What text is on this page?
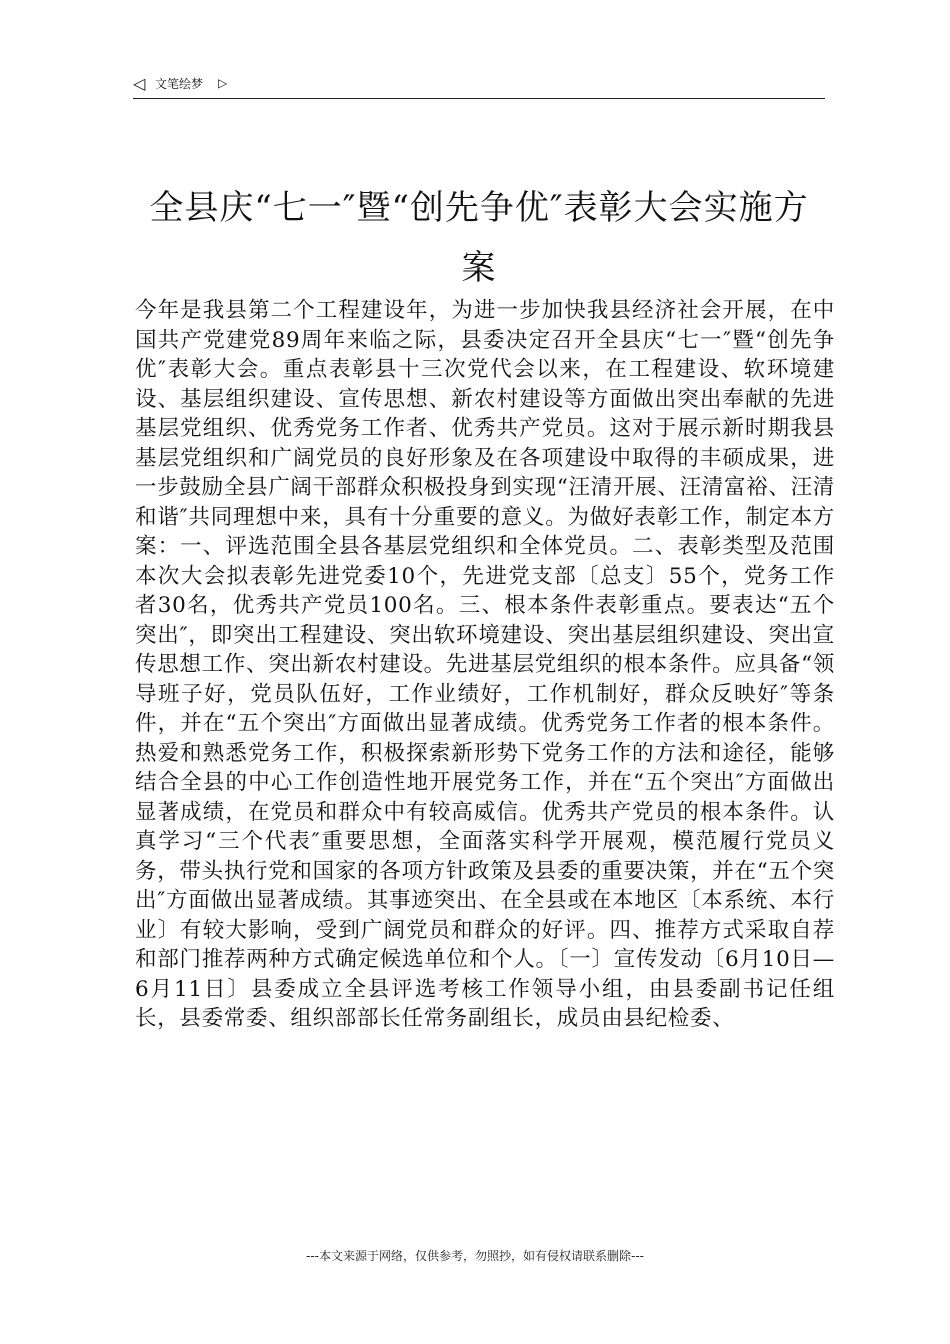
◁ 文笔绘梦 ▷
全县庆“七一″暨“创先争优″表彰大会实施方案

今年是我县第二个工程建设年，为进一步加快我县经济社会开展，在中国共产党建党89周年来临之际，县委决定召开全县庆“七一″暨“创先争优″表彰大会。重点表彰县十三次党代会以来，在工程建设、软环境建设、基层组织建设、宣传思想、新农村建设等方面做出突出奉献的先进基层党组织、优秀党务工作者、优秀共产党员。这对于展示新时期我县基层党组织和广阔党员的良好形象及在各项建设中取得的丰硕成果，进一步鼓励全县广阔干部群众积极投身到实现“汪清开展、汪清富裕、汪清和谐″共同理想中来，具有十分重要的意义。为做好表彰工作，制定本方案：一、评选范围全县各基层党组织和全体党员。二、表彰类型及范围本次大会拟表彰先进党委10个，先进党支部〔总支〕55个，党务工作者30名，优秀共产党员100名。三、根本条件表彰重点。要表达“五个突出″，即突出工程建设、突出软环境建设、突出基层组织建设、突出宣传思想工作、突出新农村建设。先进基层党组织的根本条件。应具备“领导班子好，党员队伍好，工作业绩好，工作机制好，群众反映好″等条件，并在“五个突出″方面做出显著成绩。优秀党务工作者的根本条件。热爱和熟悉党务工作，积极探索新形势下党务工作的方法和途径，能够结合全县的中心工作创造性地开展党务工作，并在“五个突出″方面做出显著成绩，在党员和群众中有较高威信。优秀共产党员的根本条件。认真学习“三个代表″重要思想，全面落实科学开展观，模范履行党员义务，带头执行党和国家的各项方针政策及县委的重要决策，并在“五个突出″方面做出显著成绩。其事迹突出、在全县或在本地区〔本系统、本行业〕有较大影响，受到广阔党员和群众的好评。四、推荐方式采取自荐和部门推荐两种方式确定候选单位和个人。〔一〕宣传发动〔6月10日—6月11日〕县委成立全县评选考核工作领导小组，由县委副书记任组长，县委常委、组织部部长任常务副组长，成员由县纪检委、

---本文来源于网络，仅供参考，勿照抄，如有侵权请联系删除---
